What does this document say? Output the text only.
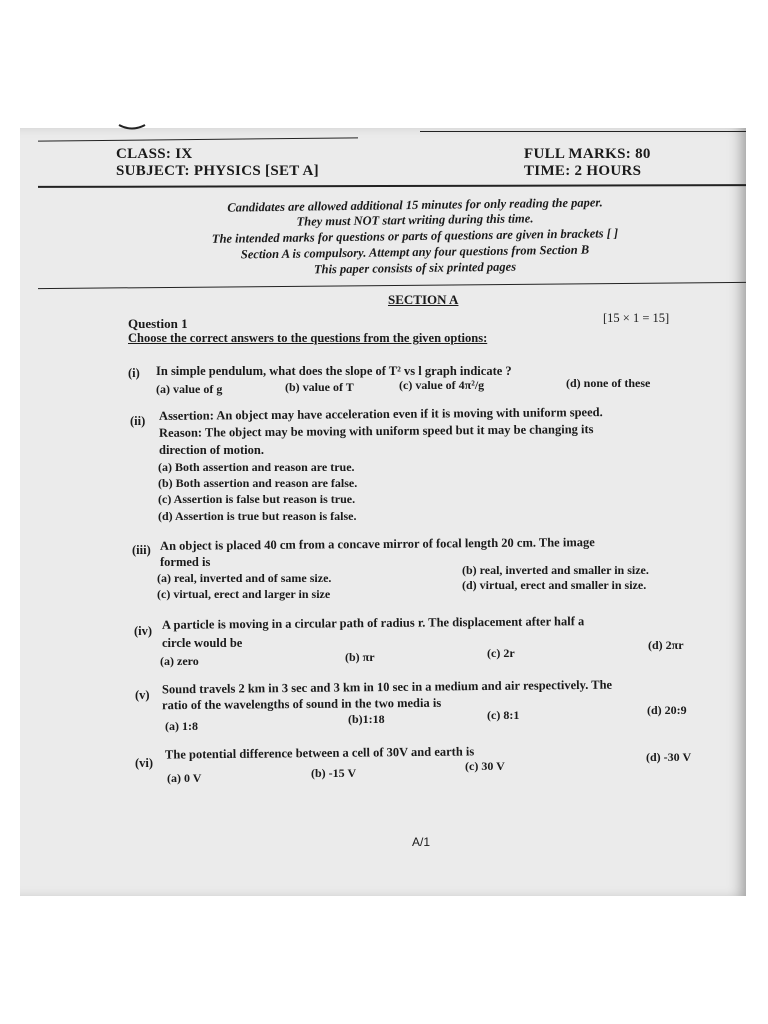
CLASS: IX
SUBJECT: PHYSICS [SET A]
FULL MARKS: 80
TIME: 2 HOURS
Candidates are allowed additional 15 minutes for only reading the paper.
They must NOT start writing during this time.
The intended marks for questions or parts of questions are given in brackets [ ]
Section A is compulsory. Attempt any four questions from Section B
This paper consists of six printed pages
SECTION A
Question 1	[15 × 1 = 15]
Choose the correct answers to the questions from the given options:
(i) In simple pendulum, what does the slope of T² vs l graph indicate ?
(a) value of g	(b) value of T	(c) value of 4π²/g	(d) none of these
(ii) Assertion: An object may have acceleration even if it is moving with uniform speed.
Reason: The object may be moving with uniform speed but it may be changing its
direction of motion.
(a) Both assertion and reason are true.
(b) Both assertion and reason are false.
(c) Assertion is false but reason is true.
(d) Assertion is true but reason is false.
(iii) An object is placed 40 cm from a concave mirror of focal length 20 cm. The image
formed is
(a) real, inverted and of same size.
(b) real, inverted and smaller in size.
(c) virtual, erect and larger in size
(d) virtual, erect and smaller in size.
(iv) A particle is moving in a circular path of radius r. The displacement after half a
circle would be
(a) zero	(b) πr	(c) 2r
(d) 2πr
(v) Sound travels 2 km in 3 sec and 3 km in 10 sec in a medium and air respectively. The
ratio of the wavelengths of sound in the two media is
(a) 1:8	(b)1:18	(c) 8:1	(d) 20:9
(vi)
The potential difference between a cell of 30V and earth is
(a) 0 V	(b) -15 V	(c) 30 V
(d) -30 V
A/1
